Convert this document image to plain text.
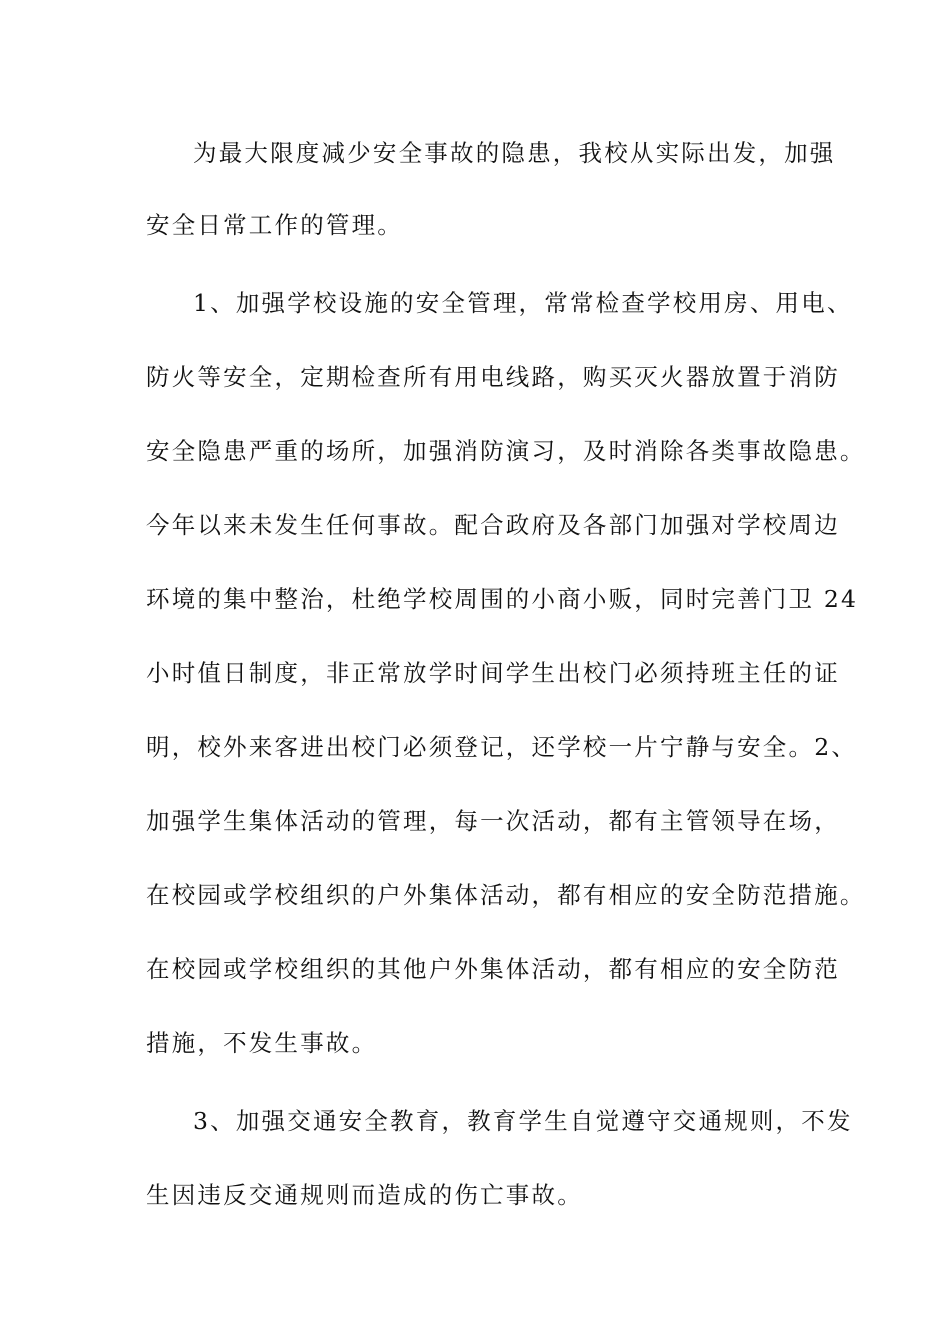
为最大限度减少安全事故的隐患，我校从实际出发，加强
安全日常工作的管理。
1、加强学校设施的安全管理，常常检查学校用房、用电、
防火等安全，定期检查所有用电线路，购买灭火器放置于消防
安全隐患严重的场所，加强消防演习，及时消除各类事故隐患。
今年以来未发生任何事故。配合政府及各部门加强对学校周边
环境的集中整治，杜绝学校周围的小商小贩，同时完善门卫 24
小时值日制度，非正常放学时间学生出校门必须持班主任的证
明，校外来客进出校门必须登记，还学校一片宁静与安全。2、
加强学生集体活动的管理，每一次活动，都有主管领导在场，
在校园或学校组织的户外集体活动，都有相应的安全防范措施。
在校园或学校组织的其他户外集体活动，都有相应的安全防范
措施，不发生事故。
3、加强交通安全教育，教育学生自觉遵守交通规则，不发
生因违反交通规则而造成的伤亡事故。
